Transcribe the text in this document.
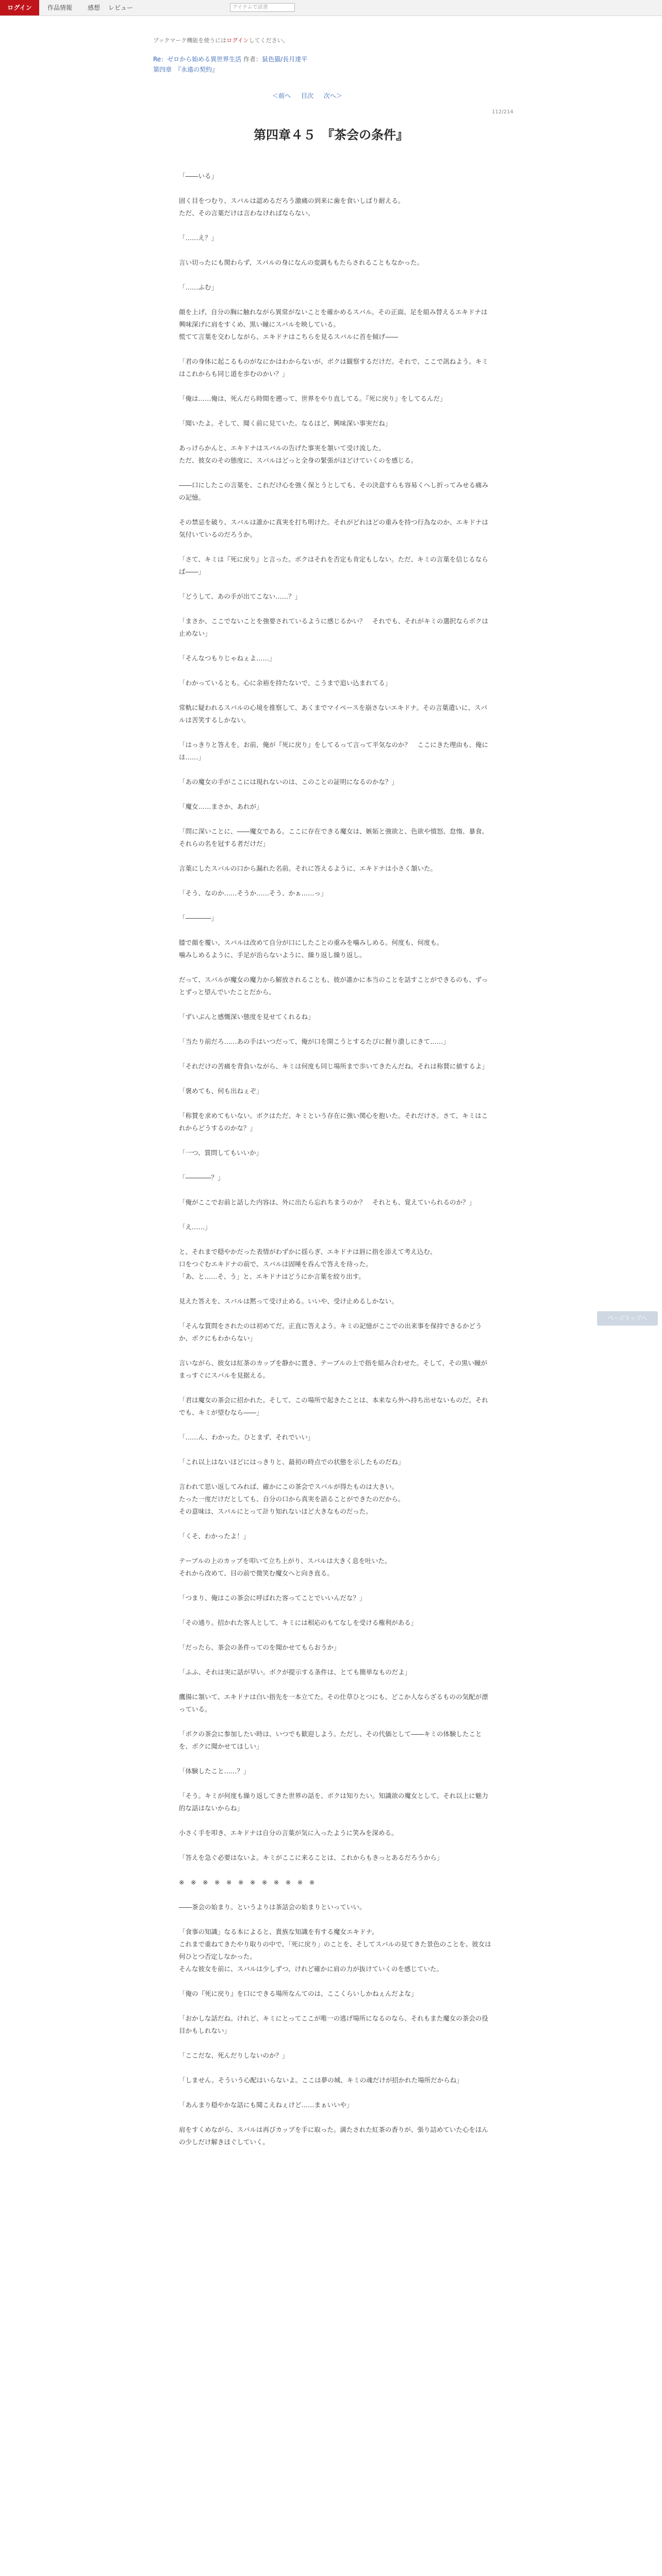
ログイン	作品情報 感想 レビュー	アイテムで読書
ブックマーク機能を使うにはログインしてください。
Re：ゼロから始める異世界生活 作者：鼠色猫/長月達平
第四章　『永遠の契約』
＜前へ 目次 次へ＞
112/214
第四章４５　『茶会の条件』

「――いる」

固く目をつむり、スバルは認めるだろう激痛の到来に歯を食いしばり耐える。

ただ、その言葉だけは言わなければならない。

「……え？」

言い切ったにも関わらず、スバルの身になんの変調ももたらされることもなかった。

「……ふむ」

顔を上げ、自分の胸に触れながら異常がないことを確かめるスバル。その正面、足を組み替えるエキドナは興味深げに肩をすくめ、黒い瞳にスバルを映している。

慌てて言葉を交わしながら、エキドナはこちらを見るスバルに首を傾げ――

「君の身体に起こるものがなにかはわからないが、ボクは観察するだけだ。それで、ここで訊ねよう。キミはこれからも同じ道を歩むのかい？」

「俺は……俺は、死んだら時間を遡って、世界をやり直してる。『死に戻り』をしてるんだ」

「聞いたよ。そして、聞く前に見ていた。なるほど、興味深い事実だね」

あっけらかんと、エキドナはスバルの告げた事実を頷いて受け流した。

ただ、彼女のその態度に、スバルはどっと全身の緊張がほどけていくのを感じる。

――口にしたこの言葉を、これだけ心を強く保とうとしても、その決意すらも容易くへし折ってみせる痛みの記憶。

その禁忌を破り、スバルは誰かに真実を打ち明けた。それがどれほどの重みを持つ行為なのか、エキドナは気付いているのだろうか。

「さて、キミは『死に戻り』と言った。ボクはそれを否定も肯定もしない。ただ、キミの言葉を信じるならば――」

「どうして、あの手が出てこない……？」

「まさか、ここでないことを強要されているように感じるかい？　それでも、それがキミの選択ならボクは止めない」

「そんなつもりじゃねぇよ……」

「わかっているとも。心に余裕を持たないで、こうまで追い込まれてる」

常軌に疑われるスバルの心境を推察して、あくまでマイペースを崩さないエキドナ。その言葉遣いに、スバルは苦笑するしかない。

「はっきりと答えを。お前、俺が『死に戻り』をしてるって言って平気なのか？　ここにきた理由も、俺には……」

「あの魔女の手がここには現れないのは、このことの証明になるのかな？」

「魔女……まさか、あれが」

「問に深いことに、――魔女である。ここに存在できる魔女は、嫉妬と強欲と、色欲や憤怒、怠惰、暴食、それらの名を冠する者だけだ」

言葉にしたスバルの口から漏れた名前。それに答えるように、エキドナは小さく頷いた。

「そう、なのか……そうか……そう、かぁ……っ」

「――――」

膝で顔を覆い、スバルは改めて自分が口にしたことの重みを噛みしめる。何度も、何度も。

噛みしめるように、手足が治らないように、繰り返し繰り返し。

だって、スバルが魔女の魔力から解放されることも、彼が誰かに本当のことを話すことができるのも、ずっとずっと望んでいたことだから。

「ずいぶんと感慨深い態度を見せてくれるね」

「当たり前だろ……あの手はいつだって、俺が口を開こうとするたびに握り潰しにきて……」

「それだけの苦痛を背負いながら、キミは何度も同じ場所まで歩いてきたんだね。それは称賛に値するよ」

「褒めても、何も出ねぇぞ」

「称賛を求めてもいない。ボクはただ、キミという存在に強い関心を抱いた。それだけさ。さて、キミはこれからどうするのかな？」

「一つ、質問してもいいか」

「――――？」

「俺がここでお前と話した内容は、外に出たら忘れちまうのか？　それとも、覚えていられるのか？」

「え……」

と、それまで穏やかだった表情がわずかに揺らぎ、エキドナは唇に指を添えて考え込む。

口をつぐむエキドナの前で、スバルは固唾を呑んで答えを待った。

「あ、と……そ、う」と、エキドナはどうにか言葉を絞り出す。

見えた答えを、スバルは黙って受け止める。いいや、受け止めるしかない。

「そんな質問をされたのは初めてだ。正直に答えよう。キミの記憶がここでの出来事を保持できるかどうか、ボクにもわからない」

言いながら、彼女は紅茶のカップを静かに置き、テーブルの上で指を組み合わせた。そして、その黒い瞳がまっすぐにスバルを見据える。

「君は魔女の茶会に招かれた。そして、この場所で起きたことは、本来なら外へ持ち出せないものだ。それでも、キミが望むなら――」

「……ん、わかった。ひとまず、それでいい」

「これ以上はないほどにはっきりと、最初の時点での状態を示したものだね」

言われて思い返してみれば、確かにこの茶会でスバルが得たものは大きい。

たった一度だけだとしても、自分の口から真実を語ることができたのだから。

その意味は、スバルにとって計り知れないほど大きなものだった。

「くそ、わかったよ！」

テーブルの上のカップを叩いて立ち上がり、スバルは大きく息を吐いた。

それから改めて、目の前で微笑む魔女へと向き直る。

「つまり、俺はこの茶会に呼ばれた客ってことでいいんだな？」

「その通り。招かれた客人として、キミには相応のもてなしを受ける権利がある」

「だったら、茶会の条件ってのを聞かせてもらおうか」

「ふふ、それは実に話が早い。ボクが提示する条件は、とても簡単なものだよ」

鷹揚に頷いて、エキドナは白い指先を一本立てた。その仕草ひとつにも、どこか人ならざるものの気配が漂っている。

「ボクの茶会に参加したい時は、いつでも歓迎しよう。ただし、その代価として――キミの体験したことを、ボクに聞かせてほしい」

「体験したこと……？」

「そう。キミが何度も繰り返してきた世界の話を、ボクは知りたい。知識欲の魔女として、それ以上に魅力的な話はないからね」

小さく手を叩き、エキドナは自分の言葉が気に入ったように笑みを深める。

「答えを急ぐ必要はないよ。キミがここに来ることは、これからもきっとあるだろうから」

※　※　※　※　※　※　※　※　※　※　※　※

――茶会の始まり。というよりは茶話会の始まりといっていい。

「食事の知識」なる本によると、貴族な知識を有する魔女エキドナ。

これまで重ねてきたやり取りの中で、「死に戻り」のことを、そしてスバルの見てきた景色のことを、彼女は何ひとつ否定しなかった。

そんな彼女を前に、スバルは少しずつ、けれど確かに肩の力が抜けていくのを感じていた。

「俺の『死に戻り』を口にできる場所なんてのは、ここくらいしかねぇんだよな」

「おかしな話だね。けれど、キミにとってここが唯一の逃げ場所になるのなら、それもまた魔女の茶会の役目かもしれない」

「ここだな、死んだりしないのか？」

「しません。そういう心配はいらないよ。ここは夢の城、キミの魂だけが招かれた場所だからね」

「あんまり穏やかな話にも聞こえねぇけど……まぁいいや」

肩をすくめながら、スバルは再びカップを手に取った。満たされた紅茶の香りが、張り詰めていた心をほんの少しだけ解きほぐしていく。

ページトップへ
